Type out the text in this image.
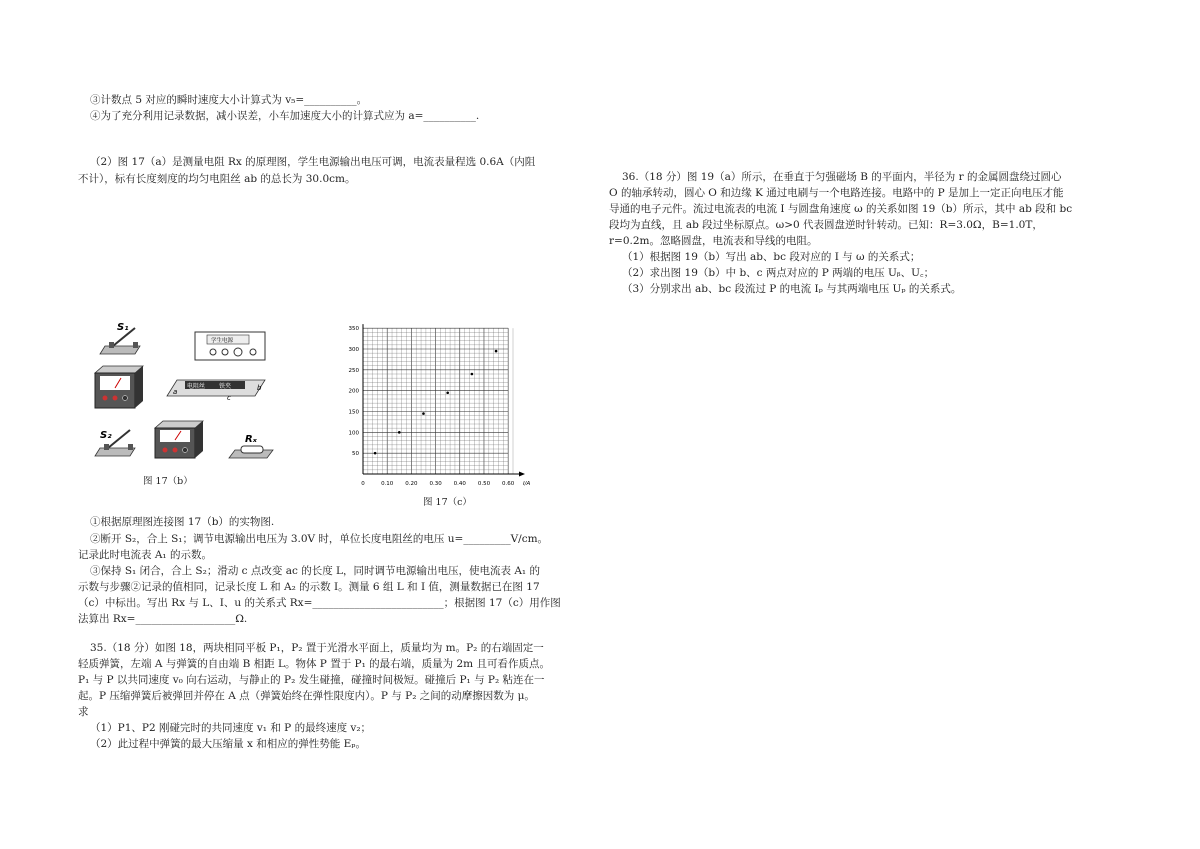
③计数点 5 对应的瞬时速度大小计算式为 v₅=__________。
④为了充分利用记录数据，减小误差，小车加速度大小的计算式应为 a=__________.
（2）图 17（a）是测量电阻 Rx 的原理图，学生电源输出电压可调，电流表量程选 0.6A（内阻
不计），标有长度刻度的均匀电阻丝 ab 的总长为 30.0cm。
S₁
学生电源
电阻丝 铁夹
a	b
c
S₂	Rₓ
图 17（b）	0	0.10 0.20 0.30 0.40 0.50 0.60
50
100
150
200
250
300
350
I/A
图 17（c）
①根据原理图连接图 17（b）的实物图.
②断开 S₂，合上 S₁；调节电源输出电压为 3.0V 时，单位长度电阻丝的电压 u=_________V/cm。
记录此时电流表 A₁ 的示数。
③保持 S₁ 闭合，合上 S₂；滑动 c 点改变 ac 的长度 L，同时调节电源输出电压，使电流表 A₁ 的
示数与步骤②记录的值相同，记录长度 L 和 A₂ 的示数 I。测量 6 组 L 和 I 值，测量数据已在图 17
（c）中标出。写出 Rx 与 L、I、u 的关系式 Rx=_________________________；根据图 17（c）用作图
法算出 Rx=___________________Ω.
35.（18 分）如图 18，两块相同平板 P₁，P₂ 置于光滑水平面上，质量均为 m。P₂ 的右端固定一
轻质弹簧，左端 A 与弹簧的自由端 B 相距 L。物体 P 置于 P₁ 的最右端，质量为 2m 且可看作质点。
P₁ 与 P 以共同速度 v₀ 向右运动，与静止的 P₂ 发生碰撞，碰撞时间极短。碰撞后 P₁ 与 P₂ 粘连在一
起。P 压缩弹簧后被弹回并停在 A 点（弹簧始终在弹性限度内）。P 与 P₂ 之间的动摩擦因数为 μ。
求
（1）P1、P2 刚碰完时的共同速度 v₁ 和 P 的最终速度 v₂；
（2）此过程中弹簧的最大压缩量 x 和相应的弹性势能 Eₚ。
36.（18 分）图 19（a）所示，在垂直于匀强磁场 B 的平面内，半径为 r 的金属圆盘绕过圆心
O 的轴承转动，圆心 O 和边缘 K 通过电刷与一个电路连接。电路中的 P 是加上一定正向电压才能
导通的电子元件。流过电流表的电流 I 与圆盘角速度 ω 的关系如图 19（b）所示，其中 ab 段和 bc
段均为直线，且 ab 段过坐标原点。ω>0 代表圆盘逆时针转动。已知：R=3.0Ω，B=1.0T，
r=0.2m。忽略圆盘，电流表和导线的电阻。
（1）根据图 19（b）写出 ab、bc 段对应的 I 与 ω 的关系式；
（2）求出图 19（b）中 b、c 两点对应的 P 两端的电压 Uᵦ、U꜀；
（3）分别求出 ab、bc 段流过 P 的电流 Iₚ 与其两端电压 Uₚ 的关系式。
